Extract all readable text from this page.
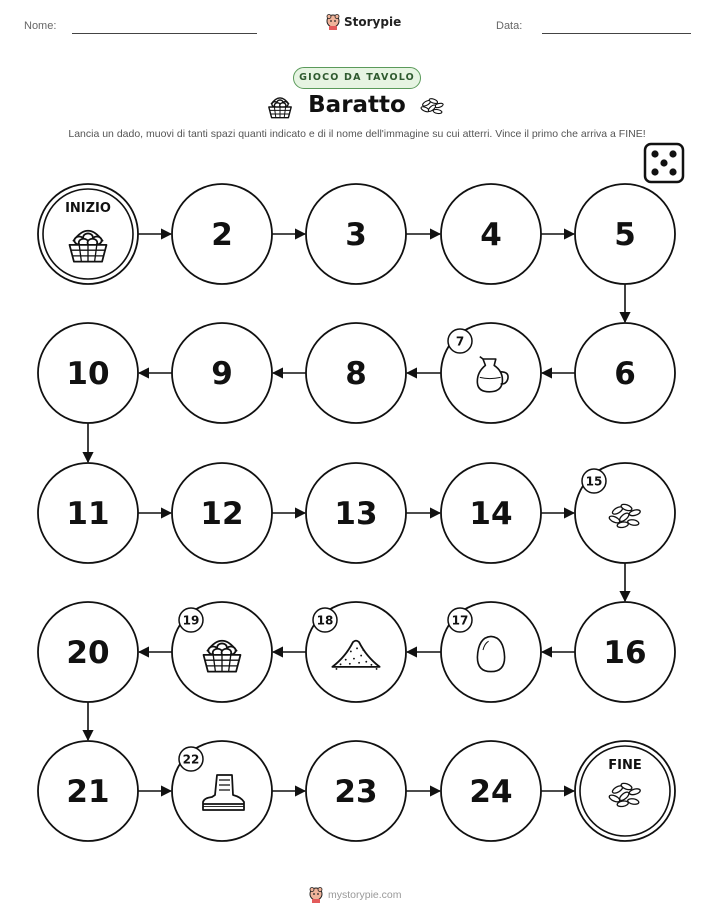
Nome:	Storypie	Data:
GIOCO DA TAVOLO
Baratto
Lancia un dado, muovi di tanti spazi quanti indicato e di il nome dell'immagine su cui atterri. Vince il primo che arriva a FINE!
INIZIO
2	3	4	5
6
7
8
9
10
11	12	13	14
15
16
17
18
19
20
21
22
23	24
FINE
mystorypie.com
